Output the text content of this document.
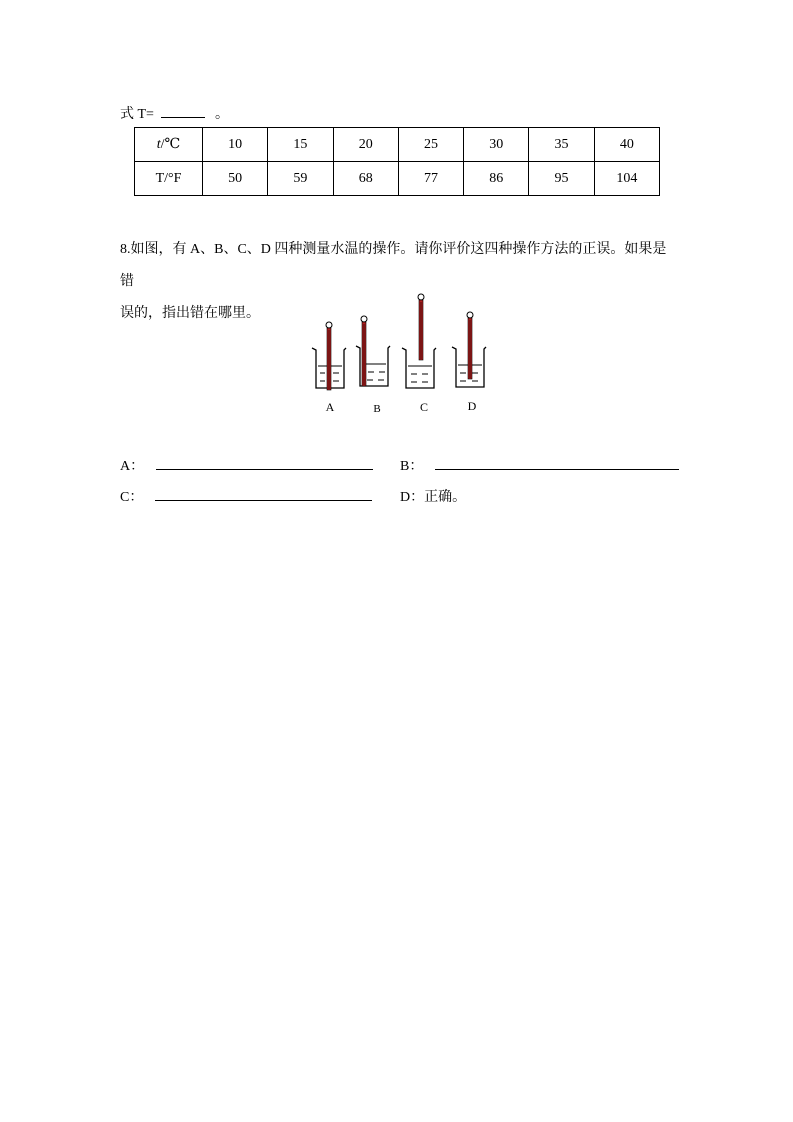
式 T=	。
t/℃	10	15	20	25	30	35	40
T/°F	50	59	68	77	86	95	104
8.如图，有 A、B、C、D 四种测量水温的操作。请你评价这四种操作方法的正误。如果是错
误的，指出错在哪里。
A	B	C	D
A：	B：
C：	D：正确。
